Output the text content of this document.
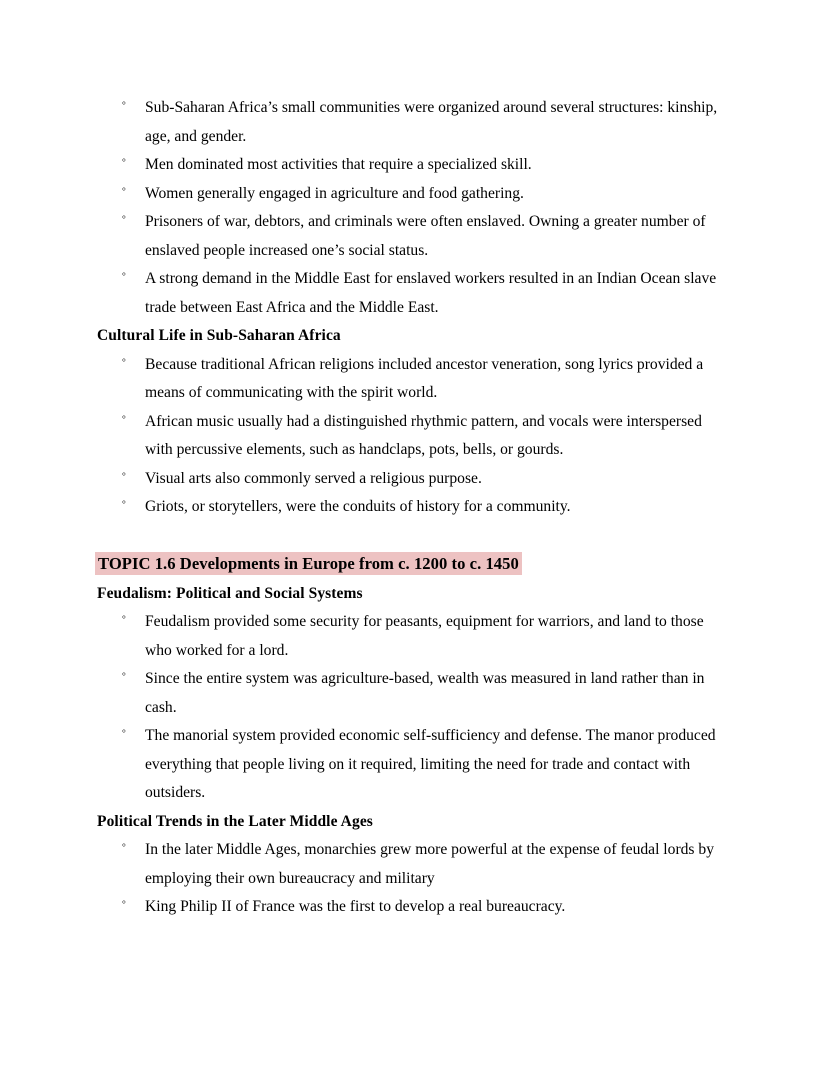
°	Sub-Saharan Africa’s small communities were organized around several structures: kinship, age, and gender.
°	Men dominated most activities that require a specialized skill.
°	Women generally engaged in agriculture and food gathering.
°	Prisoners of war, debtors, and criminals were often enslaved. Owning a greater number of enslaved people increased one’s social status.
°	A strong demand in the Middle East for enslaved workers resulted in an Indian Ocean slave trade between East Africa and the Middle East.
Cultural Life in Sub-Saharan Africa
°	Because traditional African religions included ancestor veneration, song lyrics provided a means of communicating with the spirit world.
°	African music usually had a distinguished rhythmic pattern, and vocals were interspersed with percussive elements, such as handclaps, pots, bells, or gourds.
°	Visual arts also commonly served a religious purpose.
°	Griots, or storytellers, were the conduits of history for a community.
TOPIC 1.6 Developments in Europe from c. 1200 to c. 1450
Feudalism: Political and Social Systems
°	Feudalism provided some security for peasants, equipment for warriors, and land to those who worked for a lord.
°	Since the entire system was agriculture-based, wealth was measured in land rather than in cash.
°	The manorial system provided economic self-sufficiency and defense. The manor produced everything that people living on it required, limiting the need for trade and contact with outsiders.
Political Trends in the Later Middle Ages
°	In the later Middle Ages, monarchies grew more powerful at the expense of feudal lords by employing their own bureaucracy and military
°	King Philip II of France was the first to develop a real bureaucracy.
